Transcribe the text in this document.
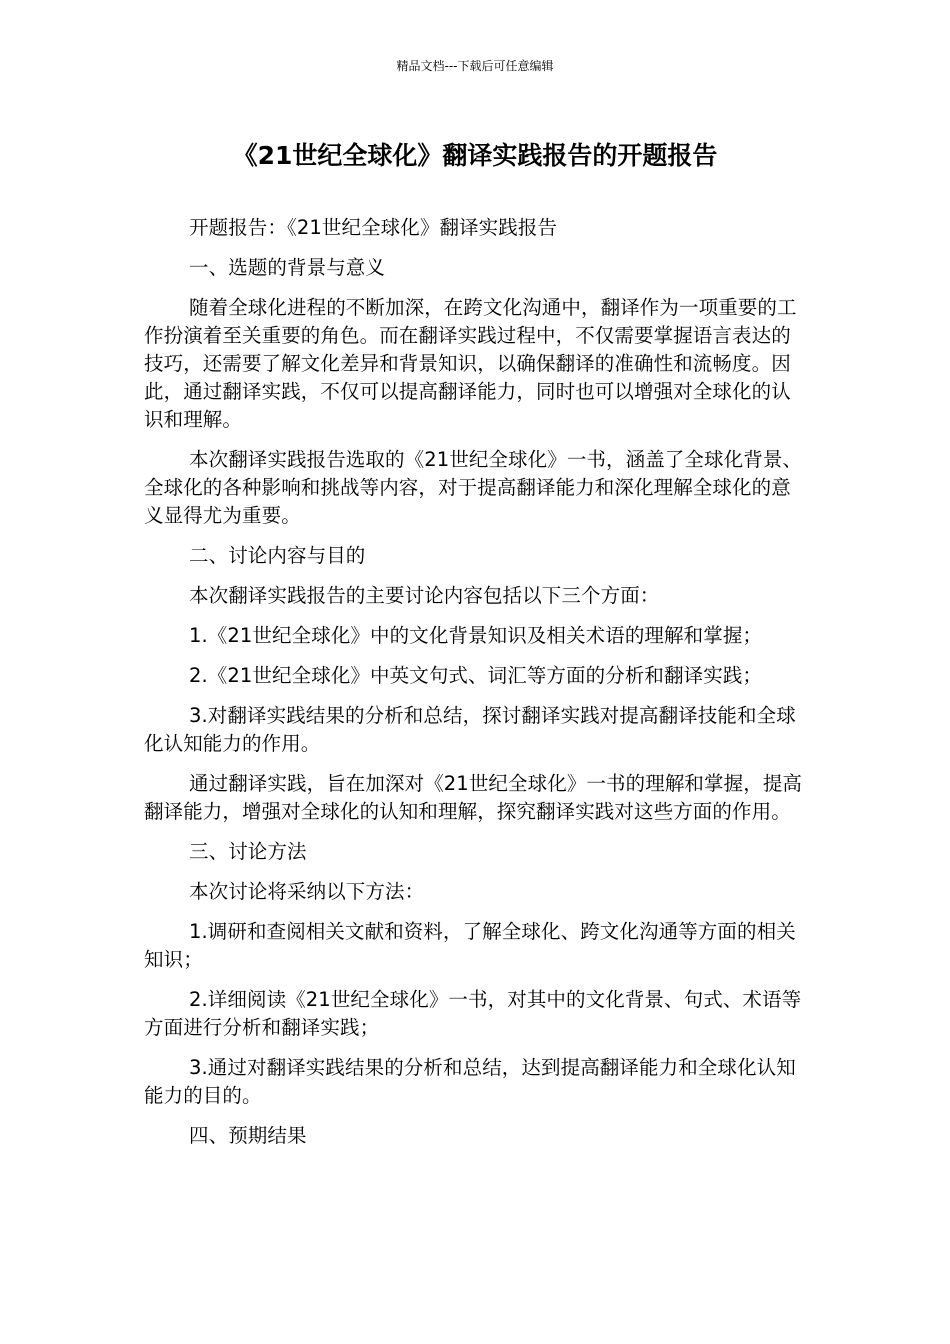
精品文档---下载后可任意编辑
《21世纪全球化》翻译实践报告的开题报告

开题报告：《21世纪全球化》翻译实践报告

一、选题的背景与意义

随着全球化进程的不断加深，在跨文化沟通中，翻译作为一项重要的工作扮演着至关重要的角色。而在翻译实践过程中，不仅需要掌握语言表达的技巧，还需要了解文化差异和背景知识，以确保翻译的准确性和流畅度。因此，通过翻译实践，不仅可以提高翻译能力，同时也可以增强对全球化的认识和理解。

本次翻译实践报告选取的《21世纪全球化》一书，涵盖了全球化背景、全球化的各种影响和挑战等内容，对于提高翻译能力和深化理解全球化的意义显得尤为重要。

二、讨论内容与目的

本次翻译实践报告的主要讨论内容包括以下三个方面：

1.《21世纪全球化》中的文化背景知识及相关术语的理解和掌握；

2.《21世纪全球化》中英文句式、词汇等方面的分析和翻译实践；

3.对翻译实践结果的分析和总结，探讨翻译实践对提高翻译技能和全球化认知能力的作用。

通过翻译实践，旨在加深对《21世纪全球化》一书的理解和掌握，提高翻译能力，增强对全球化的认知和理解，探究翻译实践对这些方面的作用。

三、讨论方法

本次讨论将采纳以下方法：

1.调研和查阅相关文献和资料，了解全球化、跨文化沟通等方面的相关知识；

2.详细阅读《21世纪全球化》一书，对其中的文化背景、句式、术语等方面进行分析和翻译实践；

3.通过对翻译实践结果的分析和总结，达到提高翻译能力和全球化认知能力的目的。

四、预期结果
